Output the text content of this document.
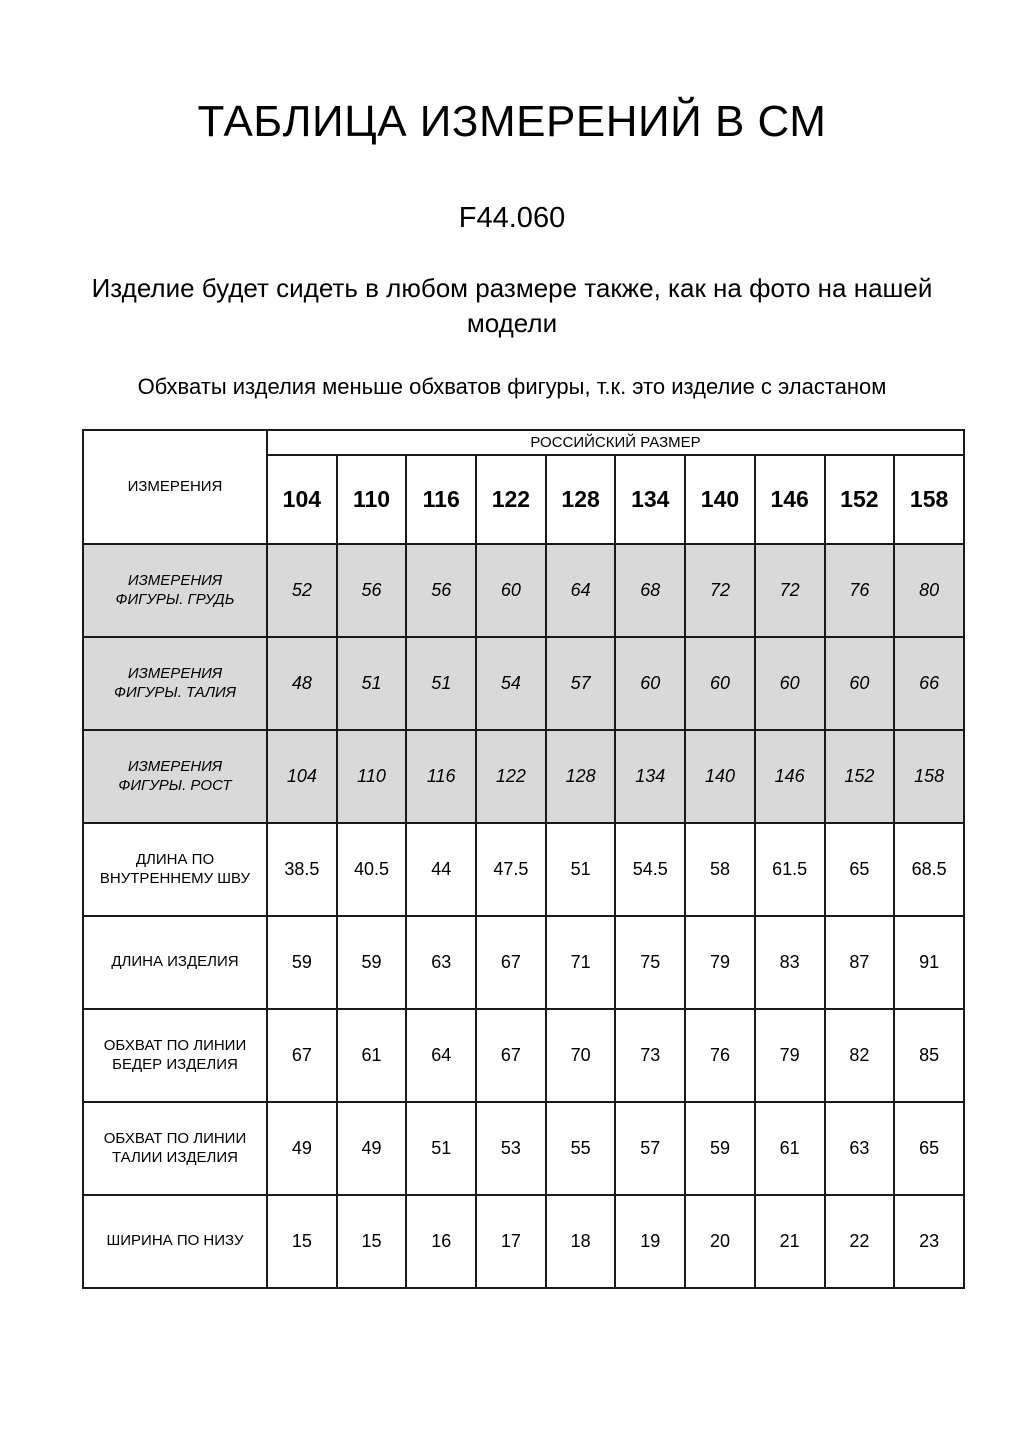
ТАБЛИЦА ИЗМЕРЕНИЙ В СМ
F44.060

Изделие будет сидеть в любом размере также, как на фото на нашей модели

Обхваты изделия меньше обхватов фигуры, т.к. это изделие с эластаном

ИЗМЕРЕНИЯ	РОССИЙСКИЙ РАЗМЕР									
	104	110	116	122	128	134	140	146	152	158
ИЗМЕРЕНИЯ ФИГУРЫ. ГРУДЬ	52	56	56	60	64	68	72	72	76	80
ИЗМЕРЕНИЯ ФИГУРЫ. ТАЛИЯ	48	51	51	54	57	60	60	60	60	66
ИЗМЕРЕНИЯ ФИГУРЫ. РОСТ	104	110	116	122	128	134	140	146	152	158
ДЛИНА ПО ВНУТРЕННЕМУ ШВУ	38.5	40.5	44	47.5	51	54.5	58	61.5	65	68.5
ДЛИНА ИЗДЕЛИЯ	59	59	63	67	71	75	79	83	87	91
ОБХВАТ ПО ЛИНИИ БЕДЕР ИЗДЕЛИЯ	67	61	64	67	70	73	76	79	82	85
ОБХВАТ ПО ЛИНИИ ТАЛИИ ИЗДЕЛИЯ	49	49	51	53	55	57	59	61	63	65
ШИРИНА ПО НИЗУ	15	15	16	17	18	19	20	21	22	23
